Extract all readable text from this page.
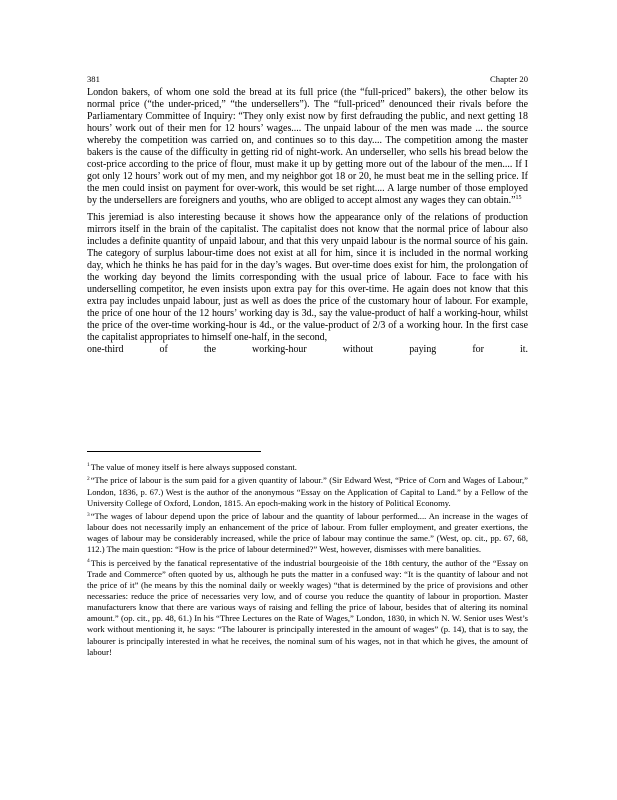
381	Chapter 20

London bakers, of whom one sold the bread at its full price (the “full-priced” bakers), the other below its normal price (“the under-priced,” “the undersellers”). The “full-priced” denounced their rivals before the Parliamentary Committee of Inquiry: “They only exist now by first defrauding the public, and next getting 18 hours’ work out of their men for 12 hours’ wages.... The unpaid labour of the men was made ... the source whereby the competition was carried on, and continues so to this day.... The competition among the master bakers is the cause of the difficulty in getting rid of night-work. An underseller, who sells his bread below the cost-price according to the price of flour, must make it up by getting more out of the labour of the men.... If I got only 12 hours’ work out of my men, and my neighbor got 18 or 20, he must beat me in the selling price. If the men could insist on payment for over-work, this would be set right.... A large number of those employed by the undersellers are foreigners and youths, who are obliged to accept almost any wages they can obtain.”$^{15}$

This jeremiad is also interesting because it shows how the appearance only of the relations of production mirrors itself in the brain of the capitalist. The capitalist does not know that the normal price of labour also includes a definite quantity of unpaid labour, and that this very unpaid labour is the normal source of his gain. The category of surplus labour-time does not exist at all for him, since it is included in the normal working day, which he thinks he has paid for in the day’s wages. But over-time does exist for him, the prolongation of the working day beyond the limits corresponding with the usual price of labour. Face to face with his underselling competitor, he even insists upon extra pay for this over-time. He again does not know that this extra pay includes unpaid labour, just as well as does the price of the customary hour of labour. For example, the price of one hour of the 12 hours’ working day is 3d., say the value-product of half a working-hour, whilst the price of the over-time working-hour is 4d., or the value-product of 2/3 of a working hour. In the first case the capitalist appropriates to himself one-half, in the second,

one-third of the working-hour without paying for it.

$^1$The value of money itself is here always supposed constant.

$^2$“The price of labour is the sum paid for a given quantity of labour.” (Sir Edward West, “Price of Corn and Wages of Labour,” London, 1836, p. 67.) West is the author of the anonymous “Essay on the Application of Capital to Land.” by a Fellow of the University College of Oxford, London, 1815. An epoch-making work in the history of Political Economy.

$^3$“The wages of labour depend upon the price of labour and the quantity of labour performed.... An increase in the wages of labour does not necessarily imply an enhancement of the price of labour. From fuller employment, and greater exertions, the wages of labour may be considerably increased, while the price of labour may continue the same.” (West, op. cit., pp. 67, 68, 112.) The main question: “How is the price of labour determined?” West, however, dismisses with mere banalities.

$^4$This is perceived by the fanatical representative of the industrial bourgeoisie of the 18th century, the author of the “Essay on Trade and Commerce” often quoted by us, although he puts the matter in a confused way: “It is the quantity of labour and not the price of it” (he means by this the nominal daily or weekly wages) “that is determined by the price of provisions and other necessaries: reduce the price of necessaries very low, and of course you reduce the quantity of labour in proportion. Master manufacturers know that there are various ways of raising and felling the price of labour, besides that of altering its nominal amount.” (op. cit., pp. 48, 61.) In his “Three Lectures on the Rate of Wages,” London, 1830, in which N. W. Senior uses West’s work without mentioning it, he says: “The labourer is principally interested in the amount of wages” (p. 14), that is to say, the labourer is principally interested in what he receives, the nominal sum of his wages, not in that which he gives, the amount of labour!
